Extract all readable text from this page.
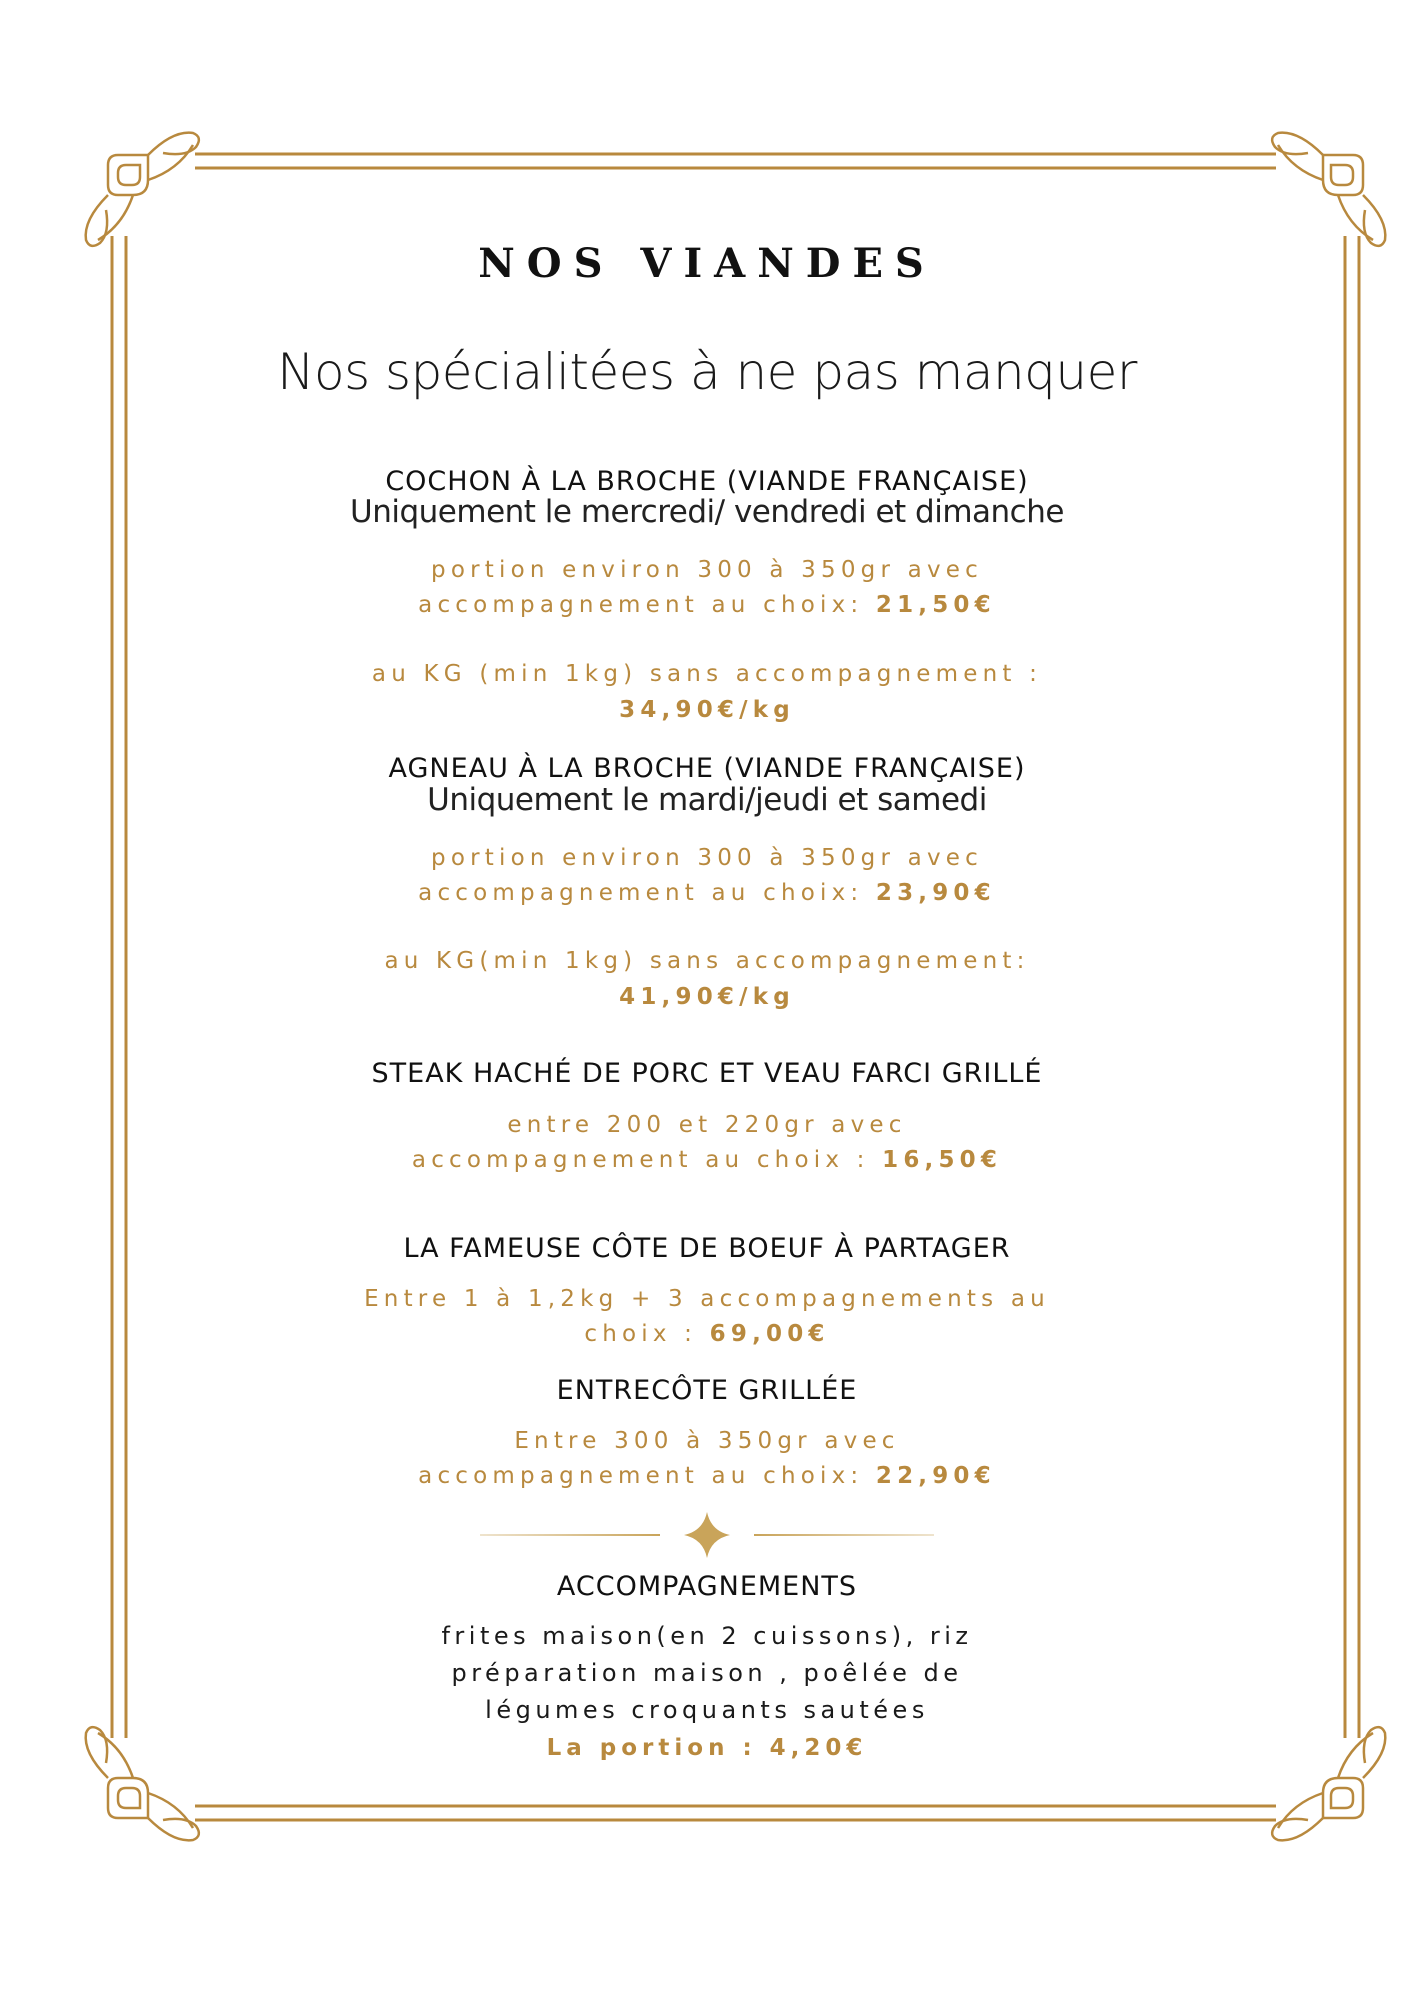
NOS VIANDES
Nos spécialitées à ne pas manquer
COCHON À LA BROCHE (VIANDE FRANÇAISE)
Uniquement le mercredi/ vendredi et dimanche
portion environ 300 à 350gr avec
accompagnement au choix: 21,50€
au KG (min 1kg) sans accompagnement :
34,90€/kg
AGNEAU À LA BROCHE (VIANDE FRANÇAISE)
Uniquement le mardi/jeudi et samedi
portion environ 300 à 350gr avec
accompagnement au choix: 23,90€
au KG(min 1kg) sans accompagnement:
41,90€/kg
STEAK HACHÉ DE PORC ET VEAU FARCI GRILLÉ
entre 200 et 220gr avec
accompagnement au choix : 16,50€
LA FAMEUSE CÔTE DE BOEUF À PARTAGER
Entre 1 à 1,2kg + 3 accompagnements au
choix : 69,00€
ENTRECÔTE GRILLÉE
Entre 300 à 350gr avec
accompagnement au choix: 22,90€
ACCOMPAGNEMENTS
frites maison(en 2 cuissons), riz
préparation maison , poêlée de
légumes croquants sautées
La portion : 4,20€
